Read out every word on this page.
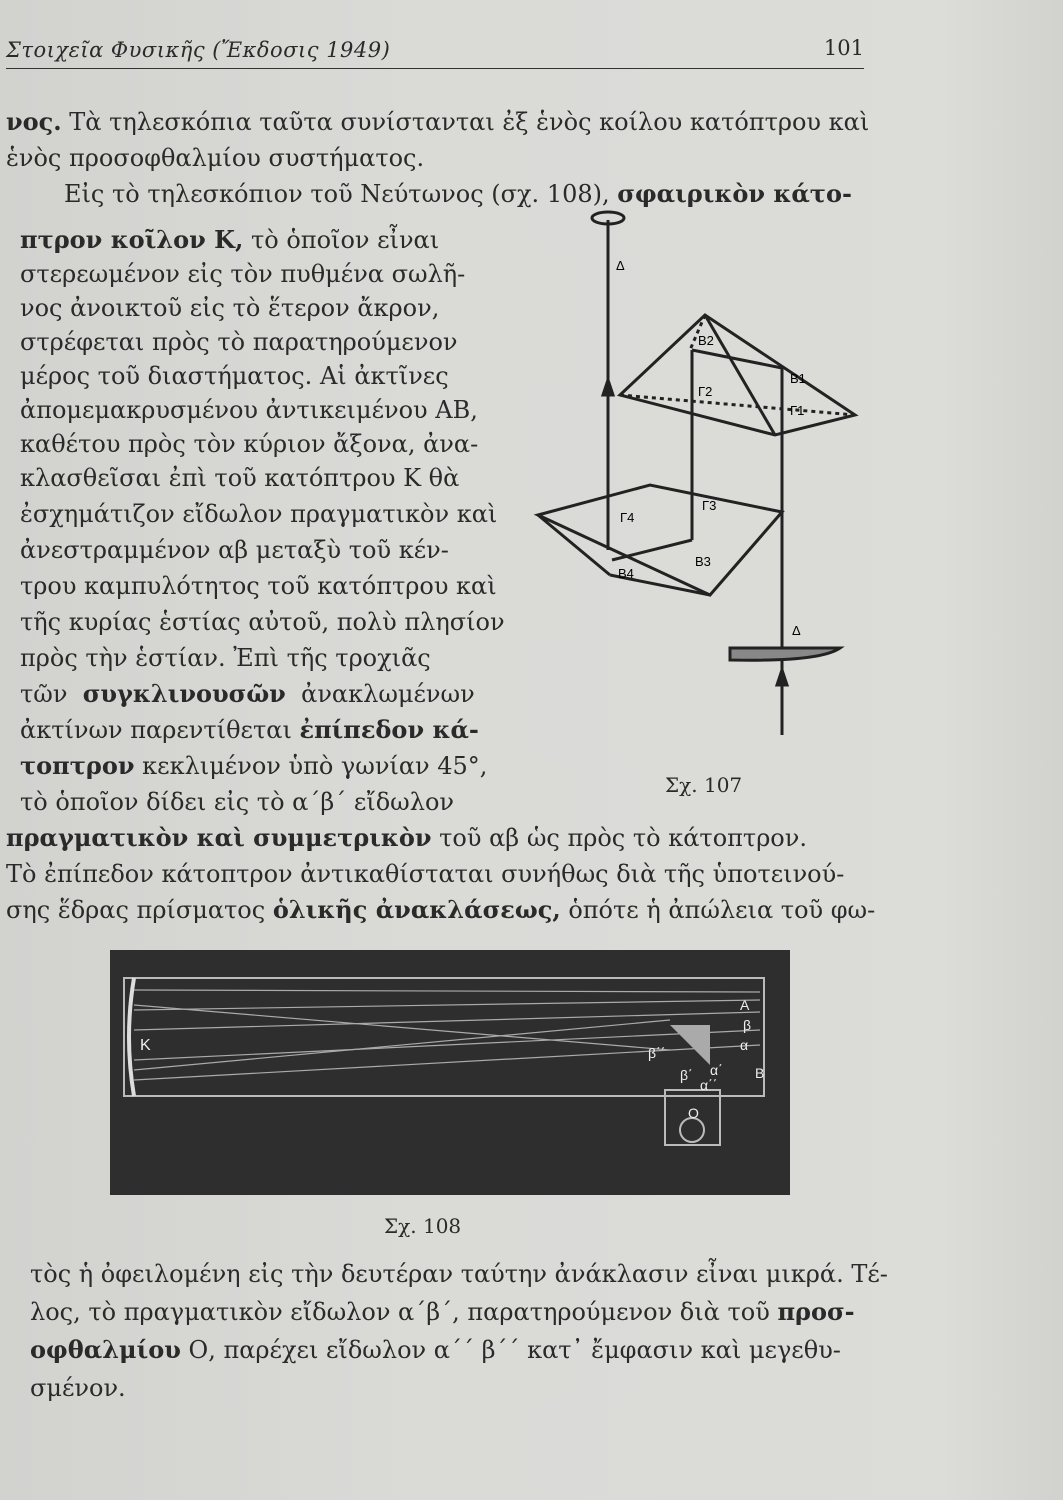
Στοιχεῖα Φυσικῆς (Ἔκδοσις 1949)	101
νος. Τὰ τηλεσκόπια ταῦτα συνίστανται ἐξ ἑνὸς κοίλου κατόπτρου καὶ
ἑνὸς προσοφθαλμίου συστήματος.
Εἰς τὸ τηλεσκόπιον τοῦ Νεύτωνος (σχ. 108), σφαιρικὸν κάτο-
πτρον κοῖλον Κ, τὸ ὁποῖον εἶναι
στερεωμένον εἰς τὸν πυθμένα σωλῆ-
νος ἀνοικτοῦ εἰς τὸ ἕτερον ἄκρον,
στρέφεται πρὸς τὸ παρατηρούμενον
μέρος τοῦ διαστήματος. Αἱ ἀκτῖνες
ἀπομεμακρυσμένου ἀντικειμένου ΑΒ,
καθέτου πρὸς τὸν κύριον ἄξονα, ἀνα-
κλασθεῖσαι ἐπὶ τοῦ κατόπτρου Κ θὰ
ἐσχημάτιζον εἴδωλον πραγματικὸν καὶ
ἀνεστραμμένον αβ μεταξὺ τοῦ κέν-
τρου καμπυλότητος τοῦ κατόπτρου καὶ
τῆς κυρίας ἑστίας αὐτοῦ, πολὺ πλησίον
πρὸς τὴν ἑστίαν. Ἐπὶ τῆς τροχιᾶς
τῶν συγκλινουσῶν ἀνακλωμένων
ἀκτίνων παρεντίθεται ἐπίπεδον κά-
τοπτρον κεκλιμένον ὑπὸ γωνίαν 45°,
τὸ ὁποῖον δίδει εἰς τὸ α΄β΄ εἴδωλον
πραγματικὸν καὶ συμμετρικὸν τοῦ αβ ὡς πρὸς τὸ κάτοπτρον.
Τὸ ἐπίπεδον κάτοπτρον ἀντικαθίσταται συνήθως διὰ τῆς ὑποτεινού-
σης ἕδρας πρίσματος ὁλικῆς ἀνακλάσεως, ὁπότε ἡ ἀπώλεια τοῦ φω-
Δ
Β2
Β1
Γ2
Γ1
Γ3
Γ4
Β3
Β4
Δ
Σχ. 107
K
A
β
α
B
β΄΄
α΄
β΄
α΄΄
O
Σχ. 108
τὸς ἡ ὀφειλομένη εἰς τὴν δευτέραν ταύτην ἀνάκλασιν εἶναι μικρά. Τέ-
λος, τὸ πραγματικὸν εἴδωλον α΄β΄, παρατηρούμενον διὰ τοῦ προσ-
οφθαλμίου Ο, παρέχει εἴδωλον α΄΄ β΄΄ κατ᾽ ἔμφασιν καὶ μεγεθυ-
σμένον.
